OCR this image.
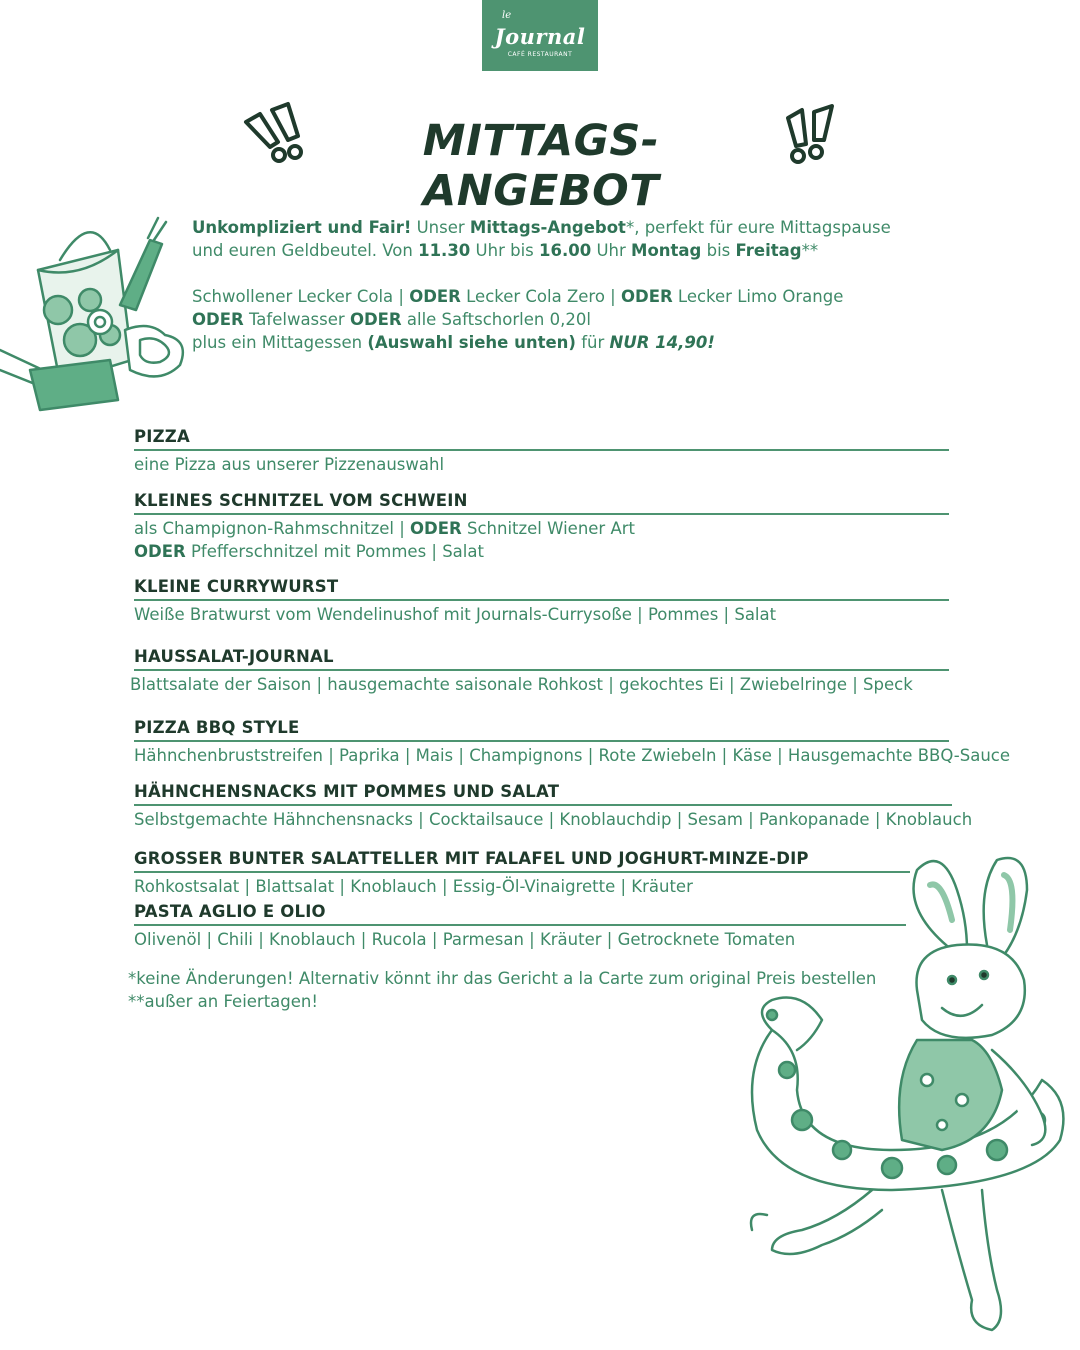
le
Journal
CAFÉ RESTAURANT
MITTAGS-ANGEBOT

Unkompliziert und Fair! Unser Mittags-Angebot*, perfekt für eure Mittagspause

und euren Geldbeutel. Von 11.30 Uhr bis 16.00 Uhr Montag bis Freitag**

Schwollener Lecker Cola | ODER Lecker Cola Zero | ODER Lecker Limo Orange

ODER Tafelwasser ODER alle Saftschorlen 0,20l

plus ein Mittagessen (Auswahl siehe unten) für NUR 14,90!

PIZZA
eine Pizza aus unserer Pizzenauswahl
KLEINES SCHNITZEL VOM SCHWEIN
als Champignon-Rahmschnitzel | ODER Schnitzel Wiener Art
ODER Pfefferschnitzel mit Pommes | Salat
KLEINE CURRYWURST
Weiße Bratwurst vom Wendelinushof mit Journals-Currysoße | Pommes | Salat
HAUSSALAT-JOURNAL
Blattsalate der Saison | hausgemachte saisonale Rohkost | gekochtes Ei | Zwiebelringe | Speck
PIZZA BBQ STYLE
Hähnchenbruststreifen | Paprika | Mais | Champignons | Rote Zwiebeln | Käse | Hausgemachte BBQ-Sauce
HÄHNCHENSNACKS MIT POMMES UND SALAT
Selbstgemachte Hähnchensnacks | Cocktailsauce | Knoblauchdip | Sesam | Pankopanade | Knoblauch
GROSSER BUNTER SALATTELLER MIT FALAFEL UND JOGHURT-MINZE-DIP
Rohkostsalat | Blattsalat | Knoblauch | Essig-Öl-Vinaigrette | Kräuter
PASTA AGLIO E OLIO
Olivenöl | Chili | Knoblauch | Rucola | Parmesan | Kräuter | Getrocknete Tomaten

*keine Änderungen! Alternativ könnt ihr das Gericht a la Carte zum original Preis bestellen

**außer an Feiertagen!
